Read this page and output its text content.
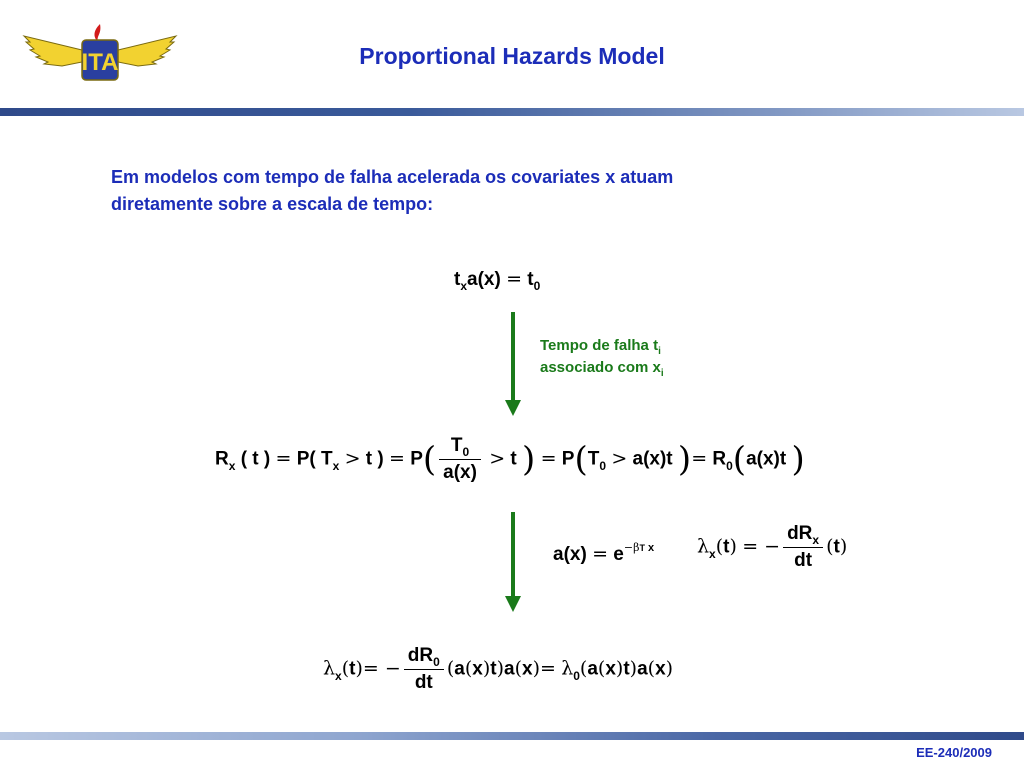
ITA	Proportional Hazards Model
Em modelos com tempo de falha acelerada os covariates x atuam
diretamente sobre a escala de tempo:
$t_xa(x) = t_0$
Tempo de falha $t_i$
associado com $x_i$
$R_x$ ( t ) = P( $T_x > t$ ) = $P( \frac{T_0}{a(x)} > t$ ) = $P(T_0 > a(x)t$ )= $R_0(a(x)t$ )
$a(x) = e^{-\beta T x}$ $\lambda_x(t)$ = − $\frac{dR_x}{dt} (t)$
$\lambda_x(t)= - \frac{dR_0}{dt} (a(x)t)a(x)= \lambda_0(a(x)t)a(x)$
EE-240/2009
